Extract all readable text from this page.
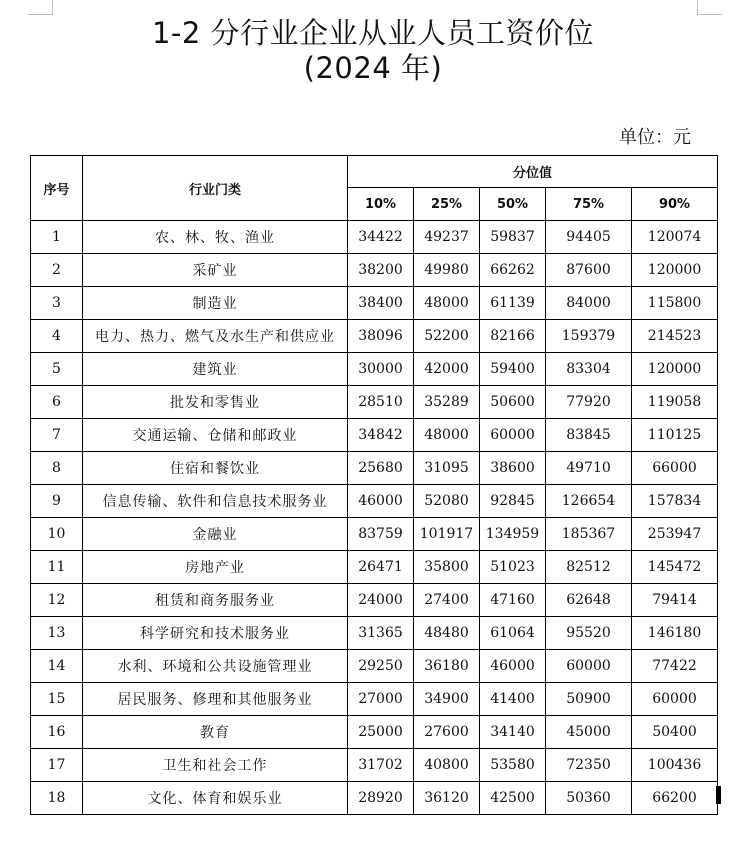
1-2 分行业企业从业人员工资价位
(2024 年)
单位：元
序号	行业门类	分位值				
		10%	25%	50%	75%	90%
1	农、林、牧、渔业	34422	49237	59837	94405	120074
2	采矿业	38200	49980	66262	87600	120000
3	制造业	38400	48000	61139	84000	115800
4	电力、热力、燃气及水生产和供应业	38096	52200	82166	159379	214523
5	建筑业	30000	42000	59400	83304	120000
6	批发和零售业	28510	35289	50600	77920	119058
7	交通运输、仓储和邮政业	34842	48000	60000	83845	110125
8	住宿和餐饮业	25680	31095	38600	49710	66000
9	信息传输、软件和信息技术服务业	46000	52080	92845	126654	157834
10	金融业	83759	101917	134959	185367	253947
11	房地产业	26471	35800	51023	82512	145472
12	租赁和商务服务业	24000	27400	47160	62648	79414
13	科学研究和技术服务业	31365	48480	61064	95520	146180
14	水利、环境和公共设施管理业	29250	36180	46000	60000	77422
15	居民服务、修理和其他服务业	27000	34900	41400	50900	60000
16	教育	25000	27600	34140	45000	50400
17	卫生和社会工作	31702	40800	53580	72350	100436
18	文化、体育和娱乐业	28920	36120	42500	50360	66200
